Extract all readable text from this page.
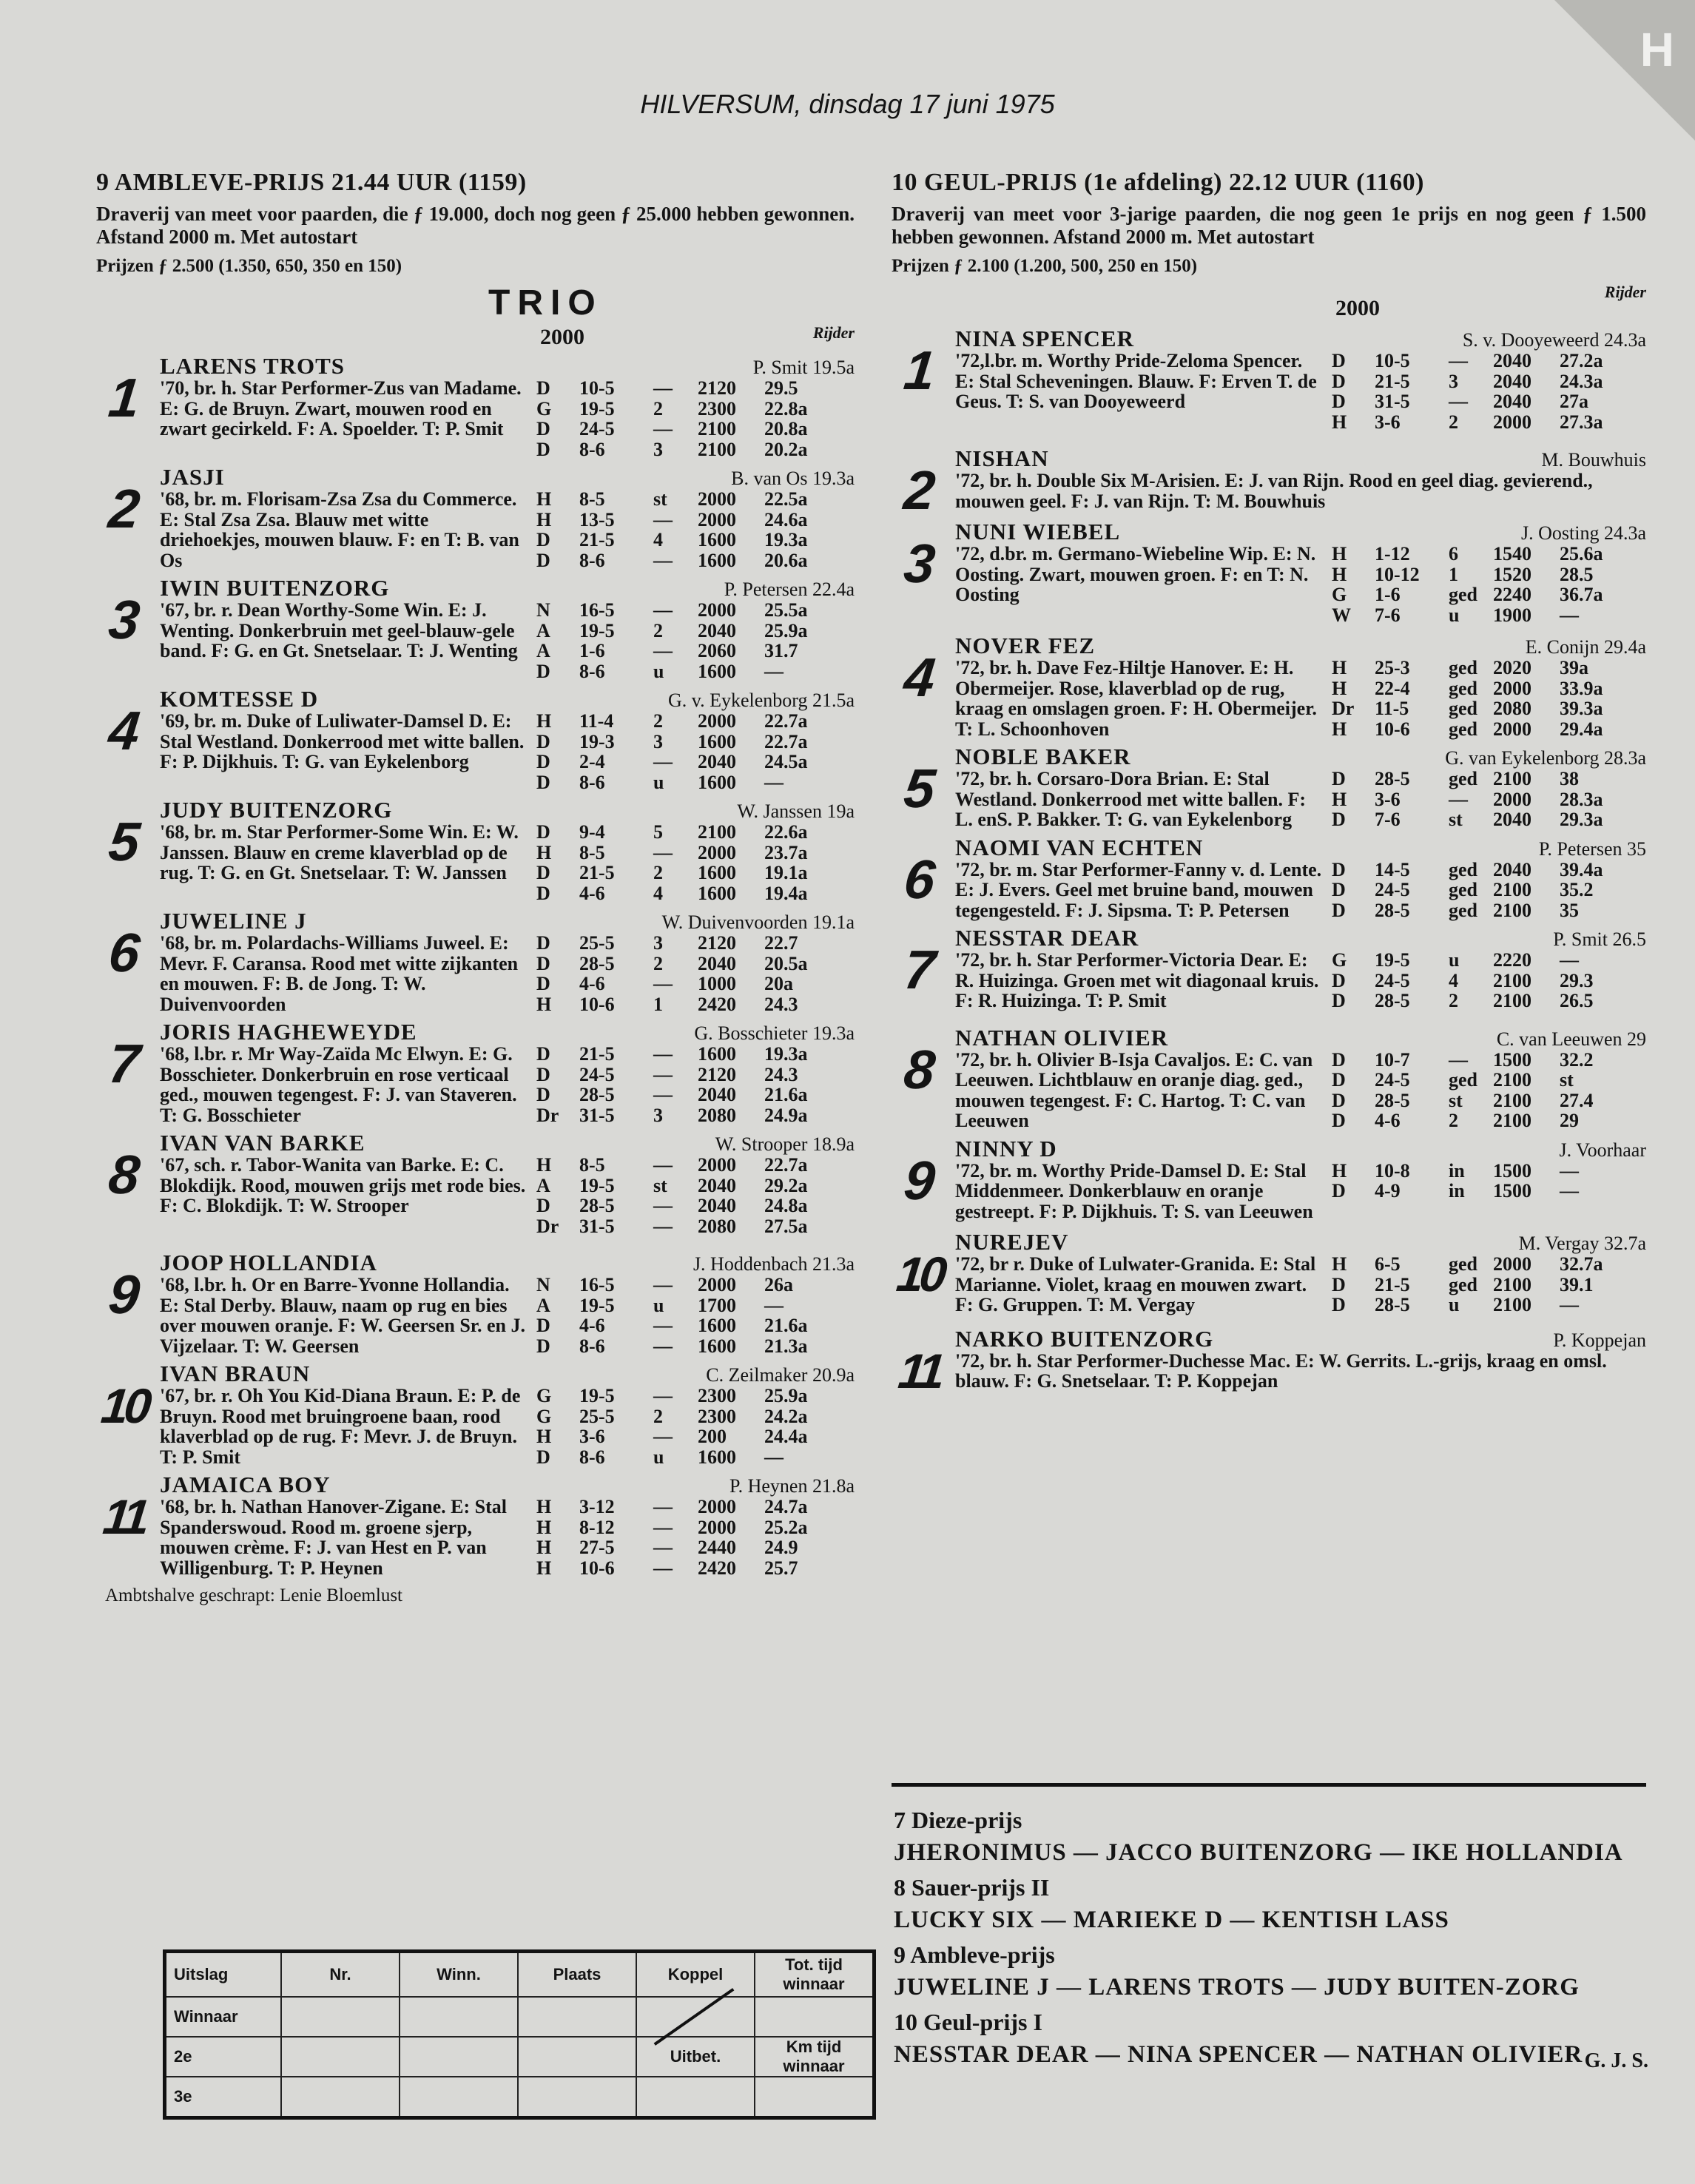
H
HILVERSUM, dinsdag 17 juni 1975
9 AMBLEVE-PRIJS 21.44 UUR (1159)
Draverij van meet voor paarden, die ƒ 19.000, doch nog geen ƒ 25.000 hebben gewonnen. Afstand 2000 m. Met autostart
Prijzen ƒ 2.500 (1.350, 650, 350 en 150)
TRIO
2000	Rijder
1
LARENS TROTS	P. Smit 19.5a
'70, br. h. Star Performer-Zus van Madame. E: G. de Bruyn. Zwart, mouwen rood en zwart gecirkeld. F: A. Spoelder. T: P. Smit
D	10-5	—	2120	29.5
G	19-5	2	2300	22.8a
D	24-5	—	2100	20.8a
D	8-6	3	2100	20.2a
2
JASJI	B. van Os 19.3a
'68, br. m. Florisam-Zsa Zsa du Commerce. E: Stal Zsa Zsa. Blauw met witte driehoekjes, mouwen blauw. F: en T: B. van Os
H	8-5	st	2000	22.5a
H	13-5	—	2000	24.6a
D	21-5	4	1600	19.3a
D	8-6	—	1600	20.6a
3
IWIN BUITENZORG	P. Petersen 22.4a
'67, br. r. Dean Worthy-Some Win. E: J. Wenting. Donkerbruin met geel-blauw-gele band. F: G. en Gt. Snetselaar. T: J. Wenting
N	16-5	—	2000	25.5a
A	19-5	2	2040	25.9a
A	1-6	—	2060	31.7
D	8-6	u	1600	—
4
KOMTESSE D	G. v. Eykelenborg 21.5a
'69, br. m. Duke of Luliwater-Damsel D. E: Stal Westland. Donkerrood met witte ballen. F: P. Dijkhuis. T: G. van Eykelenborg
H	11-4	2	2000	22.7a
D	19-3	3	1600	22.7a
D	2-4	—	2040	24.5a
D	8-6	u	1600	—
5
JUDY BUITENZORG	W. Janssen 19a
'68, br. m. Star Performer-Some Win. E: W. Janssen. Blauw en creme klaverblad op de rug. T: G. en Gt. Snetselaar. T: W. Janssen
D	9-4	5	2100	22.6a
H	8-5	—	2000	23.7a
D	21-5	2	1600	19.1a
D	4-6	4	1600	19.4a
6
JUWELINE J	W. Duivenvoorden 19.1a
'68, br. m. Polardachs-Williams Juweel. E: Mevr. F. Caransa. Rood met witte zijkanten en mouwen. F: B. de Jong. T: W. Duivenvoorden
D	25-5	3	2120	22.7
D	28-5	2	2040	20.5a
D	4-6	—	1000	20a
H	10-6	1	2420	24.3
7
JORIS HAGHEWEYDE	G. Bosschieter 19.3a
'68, l.br. r. Mr Way-Zaïda Mc Elwyn. E: G. Bosschieter. Donkerbruin en rose verticaal ged., mouwen tegengest. F: J. van Staveren. T: G. Bosschieter
D	21-5	—	1600	19.3a
D	24-5	—	2120	24.3
D	28-5	—	2040	21.6a
Dr	31-5	3	2080	24.9a
8
IVAN VAN BARKE	W. Strooper 18.9a
'67, sch. r. Tabor-Wanita van Barke. E: C. Blokdijk. Rood, mouwen grijs met rode bies. F: C. Blokdijk. T: W. Strooper
H	8-5	—	2000	22.7a
A	19-5	st	2040	29.2a
D	28-5	—	2040	24.8a
Dr	31-5	—	2080	27.5a
9
JOOP HOLLANDIA	J. Hoddenbach 21.3a
'68, l.br. h. Or en Barre-Yvonne Hollandia. E: Stal Derby. Blauw, naam op rug en bies over mouwen oranje. F: W. Geersen Sr. en J. Vijzelaar. T: W. Geersen
N	16-5	—	2000	26a
A	19-5	u	1700	—
D	4-6	—	1600	21.6a
D	8-6	—	1600	21.3a
10
IVAN BRAUN	C. Zeilmaker 20.9a
'67, br. r. Oh You Kid-Diana Braun. E: P. de Bruyn. Rood met bruingroene baan, rood klaverblad op de rug. F: Mevr. J. de Bruyn. T: P. Smit
G	19-5	—	2300	25.9a
G	25-5	2	2300	24.2a
H	3-6	—	200	24.4a
D	8-6	u	1600	—
11
JAMAICA BOY	P. Heynen 21.8a
'68, br. h. Nathan Hanover-Zigane. E: Stal Spanderswoud. Rood m. groene sjerp, mouwen crème. F: J. van Hest en P. van Willigenburg. T: P. Heynen
H	3-12	—	2000	24.7a
H	8-12	—	2000	25.2a
H	27-5	—	2440	24.9
H	10-6	—	2420	25.7
Ambtshalve geschrapt: Lenie Bloemlust
10 GEUL-PRIJS (1e afdeling) 22.12 UUR (1160)
Draverij van meet voor 3-jarige paarden, die nog geen 1e prijs en nog geen ƒ 1.500 hebben gewonnen. Afstand 2000 m. Met autostart
Prijzen ƒ 2.100 (1.200, 500, 250 en 150)
Rijder
2000
1
NINA SPENCER	S. v. Dooyeweerd 24.3a
'72,l.br. m. Worthy Pride-Zeloma Spencer. E: Stal Scheveningen. Blauw. F: Erven T. de Geus. T: S. van Dooyeweerd
D	10-5	—	2040	27.2a
D	21-5	3	2040	24.3a
D	31-5	—	2040	27a
H	3-6	2	2000	27.3a
2
NISHAN	M. Bouwhuis
'72, br. h. Double Six M-Arisien. E: J. van Rijn. Rood en geel diag. gevierend., mouwen geel. F: J. van Rijn. T: M. Bouwhuis
3
NUNI WIEBEL	J. Oosting 24.3a
'72, d.br. m. Germano-Wiebeline Wip. E: N. Oosting. Zwart, mouwen groen. F: en T: N. Oosting
H	1-12	6	1540	25.6a
H	10-12	1	1520	28.5
G	1-6	ged 2240	36.7a
W	7-6	u	1900	—
4
NOVER FEZ	E. Conijn 29.4a
'72, br. h. Dave Fez-Hiltje Hanover. E: H. Obermeijer. Rose, klaverblad op de rug, kraag en omslagen groen. F: H. Obermeijer. T: L. Schoonhoven
H	25-3	ged 2020	39a
H	22-4	ged 2000	33.9a
Dr	11-5	ged 2080	39.3a
H	10-6	ged 2000	29.4a
5
NOBLE BAKER	G. van Eykelenborg 28.3a
'72, br. h. Corsaro-Dora Brian. E: Stal Westland. Donkerrood met witte ballen. F: L. enS. P. Bakker. T: G. van Eykelenborg
D	28-5	ged 2100	38
H	3-6	—	2000	28.3a
D	7-6	st	2040	29.3a
6
NAOMI VAN ECHTEN	P. Petersen 35
'72, br. m. Star Performer-Fanny v. d. Lente. E: J. Evers. Geel met bruine band, mouwen tegengesteld. F: J. Sipsma. T: P. Petersen
D	14-5	ged 2040	39.4a
D	24-5	ged 2100	35.2
D	28-5	ged 2100	35
7
NESSTAR DEAR	P. Smit 26.5
'72, br. h. Star Performer-Victoria Dear. E: R. Huizinga. Groen met wit diagonaal kruis. F: R. Huizinga. T: P. Smit
G	19-5	u	2220	—
D	24-5	4	2100	29.3
D	28-5	2	2100	26.5
8
NATHAN OLIVIER	C. van Leeuwen 29
'72, br. h. Olivier B-Isja Cavaljos. E: C. van Leeuwen. Lichtblauw en oranje diag. ged., mouwen tegengest. F: C. Hartog. T: C. van Leeuwen
D	10-7	—	1500	32.2
D	24-5	ged 2100	st
D	28-5	st	2100	27.4
D	4-6	2	2100	29
9
NINNY D	J. Voorhaar
'72, br. m. Worthy Pride-Damsel D. E: Stal Middenmeer. Donkerblauw en oranje gestreept. F: P. Dijkhuis. T: S. van Leeuwen
H	10-8	in	1500	—
D	4-9	in	1500	—
10
NUREJEV	M. Vergay 32.7a
'72, br r. Duke of Lulwater-Granida. E: Stal Marianne. Violet, kraag en mouwen zwart. F: G. Gruppen. T: M. Vergay
H	6-5	ged 2000	32.7a
D	21-5	ged 2100	39.1
D	28-5	u	2100	—
11
NARKO BUITENZORG	P. Koppejan
'72, br. h. Star Performer-Duchesse Mac. E: W. Gerrits. L.-grijs, kraag en omsl. blauw. F: G. Snetselaar. T: P. Koppejan
Uitslag	Nr.	Winn.	Plaats	Koppel	Tot. tijd winnaar
Winnaar				

2e				Uitbet.	Km tijd winnaar
3e					
7 Dieze-prijs
JHERONIMUS — JACCO BUITENZORG — IKE HOLLANDIA
8 Sauer-prijs II
LUCKY SIX — MARIEKE D — KENTISH LASS
9 Ambleve-prijs
JUWELINE J — LARENS TROTS — JUDY BUITEN-ZORG
10 Geul-prijs I
NESSTAR DEAR — NINA SPENCER — NATHAN OLIVIER G. J. S.
